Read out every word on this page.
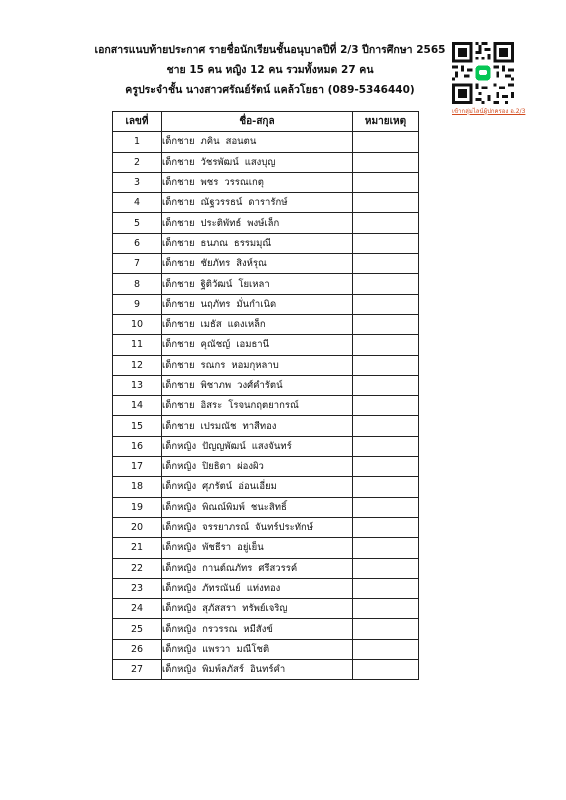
เอกสารแนบท้ายประกาศ รายชื่อนักเรียนชั้นอนุบาลปีที่ 2/3 ปีการศึกษา 2565
ชาย 15 คน หญิง 12 คน รวมทั้งหมด 27 คน
ครูประจำชั้น นางสาวศรัณย์รัตน์ แคล้วโยธา (089-5346440)
เข้ากลุ่มไลน์ผู้ปกครอง อ.2/3
เลขที่	ชื่อ-สกุล	หมายเหตุ
1	เด็กชาย ภคิน สอนตน	
2	เด็กชาย วัชรพัฒน์ แสงบุญ	
3	เด็กชาย พชร วรรณเกตุ	
4	เด็กชาย ณัฐวรรธน์ ดารารักษ์	
5	เด็กชาย ประติพัทธ์ พงษ์เล็ก	
6	เด็กชาย ธนภณ ธรรมมุณี	
7	เด็กชาย ชัยภัทร สิงห์รุณ	
8	เด็กชาย ฐิติวัฒน์ โยเหลา	
9	เด็กชาย นฤภัทร มั่นกำเนิด	
10	เด็กชาย เมธัส แดงเหล็ก	
11	เด็กชาย คุณัชญ์ เอมธานี	
12	เด็กชาย รณกร หอมกุหลาบ	
13	เด็กชาย พิชาภพ วงศ์คำรัตน์	
14	เด็กชาย อิสระ โรจนกฤตยากรณ์	
15	เด็กชาย เปรมณัช ทาสีทอง	
16	เด็กหญิง ปัญญพัฒน์ แสงจันทร์	
17	เด็กหญิง ปิยธิดา ผ่องผิว	
18	เด็กหญิง ศุภรัตน์ อ่อนเอี่ยม	
19	เด็กหญิง พิณณ์พิมพ์ ชนะสิทธิ์	
20	เด็กหญิง จรรยาภรณ์ จันทร์ประทักษ์	
21	เด็กหญิง พัชธีรา อยู่เย็น	
22	เด็กหญิง กานต์ณภัทร ศรีสวรรค์	
23	เด็กหญิง ภัทรณันย์ แท่งทอง	
24	เด็กหญิง สุภัสสรา ทรัพย์เจริญ	
25	เด็กหญิง กรวรรณ หมีสังข์	
26	เด็กหญิง แพรวา มณีโชติ	
27	เด็กหญิง พิมพ์ลภัสร์ อินทร์คำ	
